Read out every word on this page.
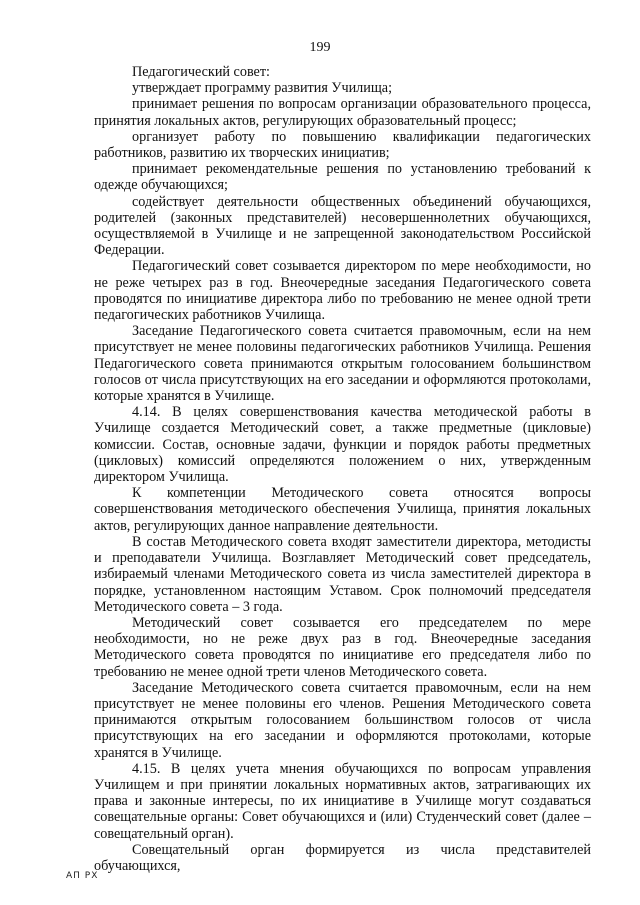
199

Педагогический совет:

утверждает программу развития Училища;

принимает решения по вопросам организации образовательного процесса, принятия локальных актов, регулирующих образовательный процесс;

организует работу по повышению квалификации педагогических работников, развитию их творческих инициатив;

принимает рекомендательные решения по установлению требований к одежде обучающихся;

содействует деятельности общественных объединений обучающихся, родителей (законных представителей) несовершеннолетних обучающихся, осуществляемой в Училище и не запрещенной законодательством Российской Федерации.

Педагогический совет созывается директором по мере необходимости, но не реже четырех раз в год. Внеочередные заседания Педагогического совета проводятся по инициативе директора либо по требованию не менее одной трети педагогических работников Училища.

Заседание Педагогического совета считается правомочным, если на нем присутствует не менее половины педагогических работников Училища. Решения Педагогического совета принимаются открытым голосованием большинством голосов от числа присутствующих на его заседании и оформляются протоколами, которые хранятся в Училище.

4.14. В целях совершенствования качества методической работы в Училище создается Методический совет, а также предметные (цикловые) комиссии. Состав, основные задачи, функции и порядок работы предметных (цикловых) комиссий определяются положением о них, утвержденным директором Училища.

К компетенции Методического совета относятся вопросы совершенствования методического обеспечения Училища, принятия локальных актов, регулирующих данное направление деятельности.

В состав Методического совета входят заместители директора, методисты и преподаватели Училища. Возглавляет Методический совет председатель, избираемый членами Методического совета из числа заместителей директора в порядке, установленном настоящим Уставом. Срок полномочий председателя Методического совета – 3 года.

Методический совет созывается его председателем по мере необходимости, но не реже двух раз в год. Внеочередные заседания Методического совета проводятся по инициативе его председателя либо по требованию не менее одной трети членов Методического совета.

Заседание Методического совета считается правомочным, если на нем присутствует не менее половины его членов. Решения Методического совета принимаются открытым голосованием большинством голосов от числа присутствующих на его заседании и оформляются протоколами, которые хранятся в Училище.

4.15. В целях учета мнения обучающихся по вопросам управления Училищем и при принятии локальных нормативных актов, затрагивающих их права и законные интересы, по их инициативе в Училище могут создаваться совещательные органы: Совет обучающихся и (или) Студенческий совет (далее – совещательный орган).

Совещательный орган формируется из числа представителей обучающихся,

АП РХ
